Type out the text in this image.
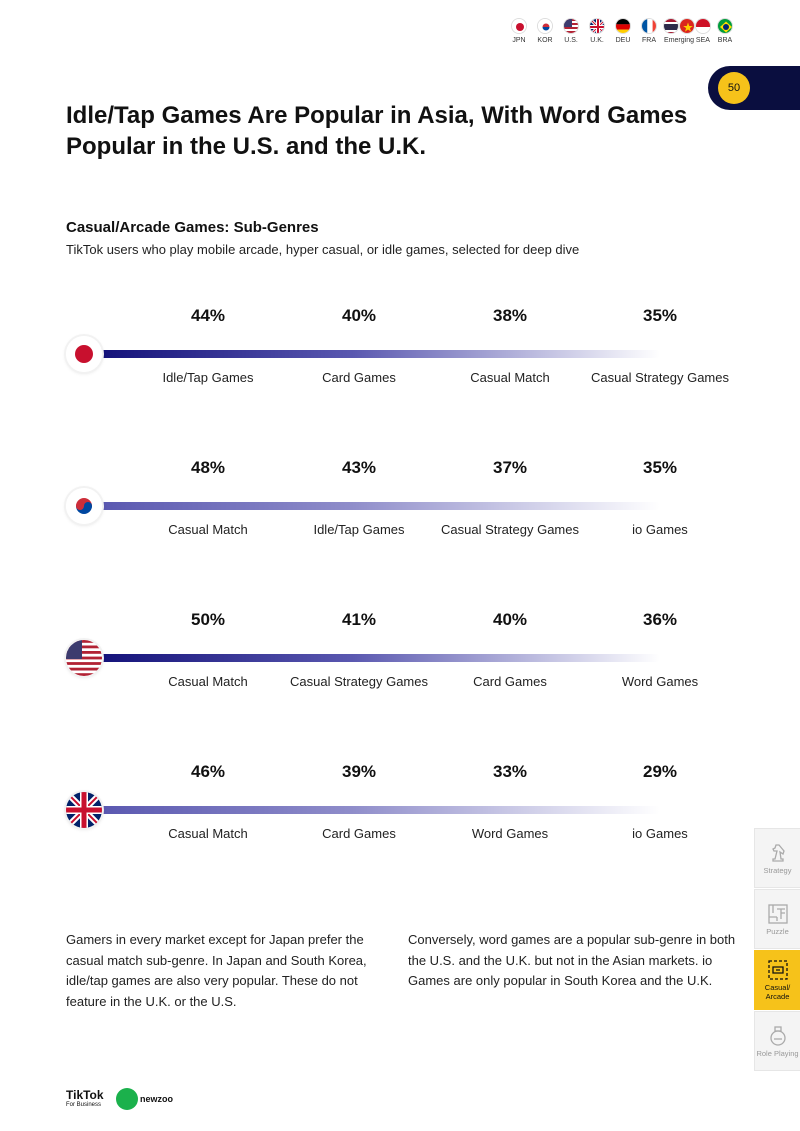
JPN KOR U.S. U.K. DEU FRA Emerging SEA BRA
50
Idle/Tap Games Are Popular in Asia, With Word Games Popular in the U.S. and the U.K.
Casual/Arcade Games: Sub-Genres
TikTok users who play mobile arcade, hyper casual, or idle games, selected for deep dive
44%	40%	38%	35%
Idle/Tap Games	Card Games	Casual Match	Casual Strategy Games
48%	43%	37%	35%
Casual Match	Idle/Tap Games	Casual Strategy Games	io Games
50%	41%	40%	36%
Casual Match	Casual Strategy Games	Card Games	Word Games
46%	39%	33%	29%
Casual Match	Card Games	Word Games	io Games

Gamers in every market except for Japan prefer the casual match sub-genre. In Japan and South Korea, idle/tap games are also very popular. These do not feature in the U.K. or the U.S.

Conversely, word games are a popular sub-genre in both the U.S. and the U.K. but not in the Asian markets. io Games are only popular in South Korea and the U.K.

Strategy
Puzzle
Casual/ Arcade
Role Playing
TikTok
For Business
newzoo
